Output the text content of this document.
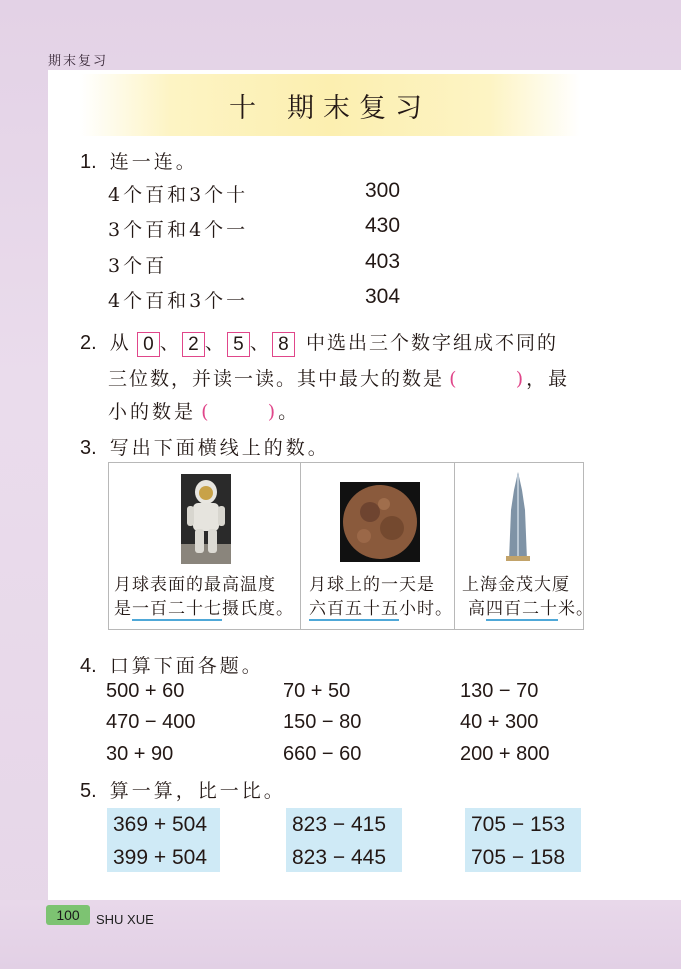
期末复习
十 期末复习
1. 连一连。
4个百和3个十
3个百和4个一
3个百
4个百和3个一
300
430
403
304
2. 从 0 、 2 、 5 、 8 中选出三个数字组成不同的
三位数，并读一读。其中最大的数是 (	)，最
小的数是 (	)。
3. 写出下面横线上的数。
月球表面的最高温度
是一百二十七摄氏度。
月球上的一天是
六百五十五小时。
上海金茂大厦
高四百二十米。
4. 口算下面各题。
500 + 60	70 + 50	130 − 70
470 − 400	150 − 80	40 + 300
30 + 90	660 − 60	200 + 800
5. 算一算，比一比。
369 + 504
399 + 504
823 − 415
823 − 445
705 − 153
705 − 158
100	SHU XUE
